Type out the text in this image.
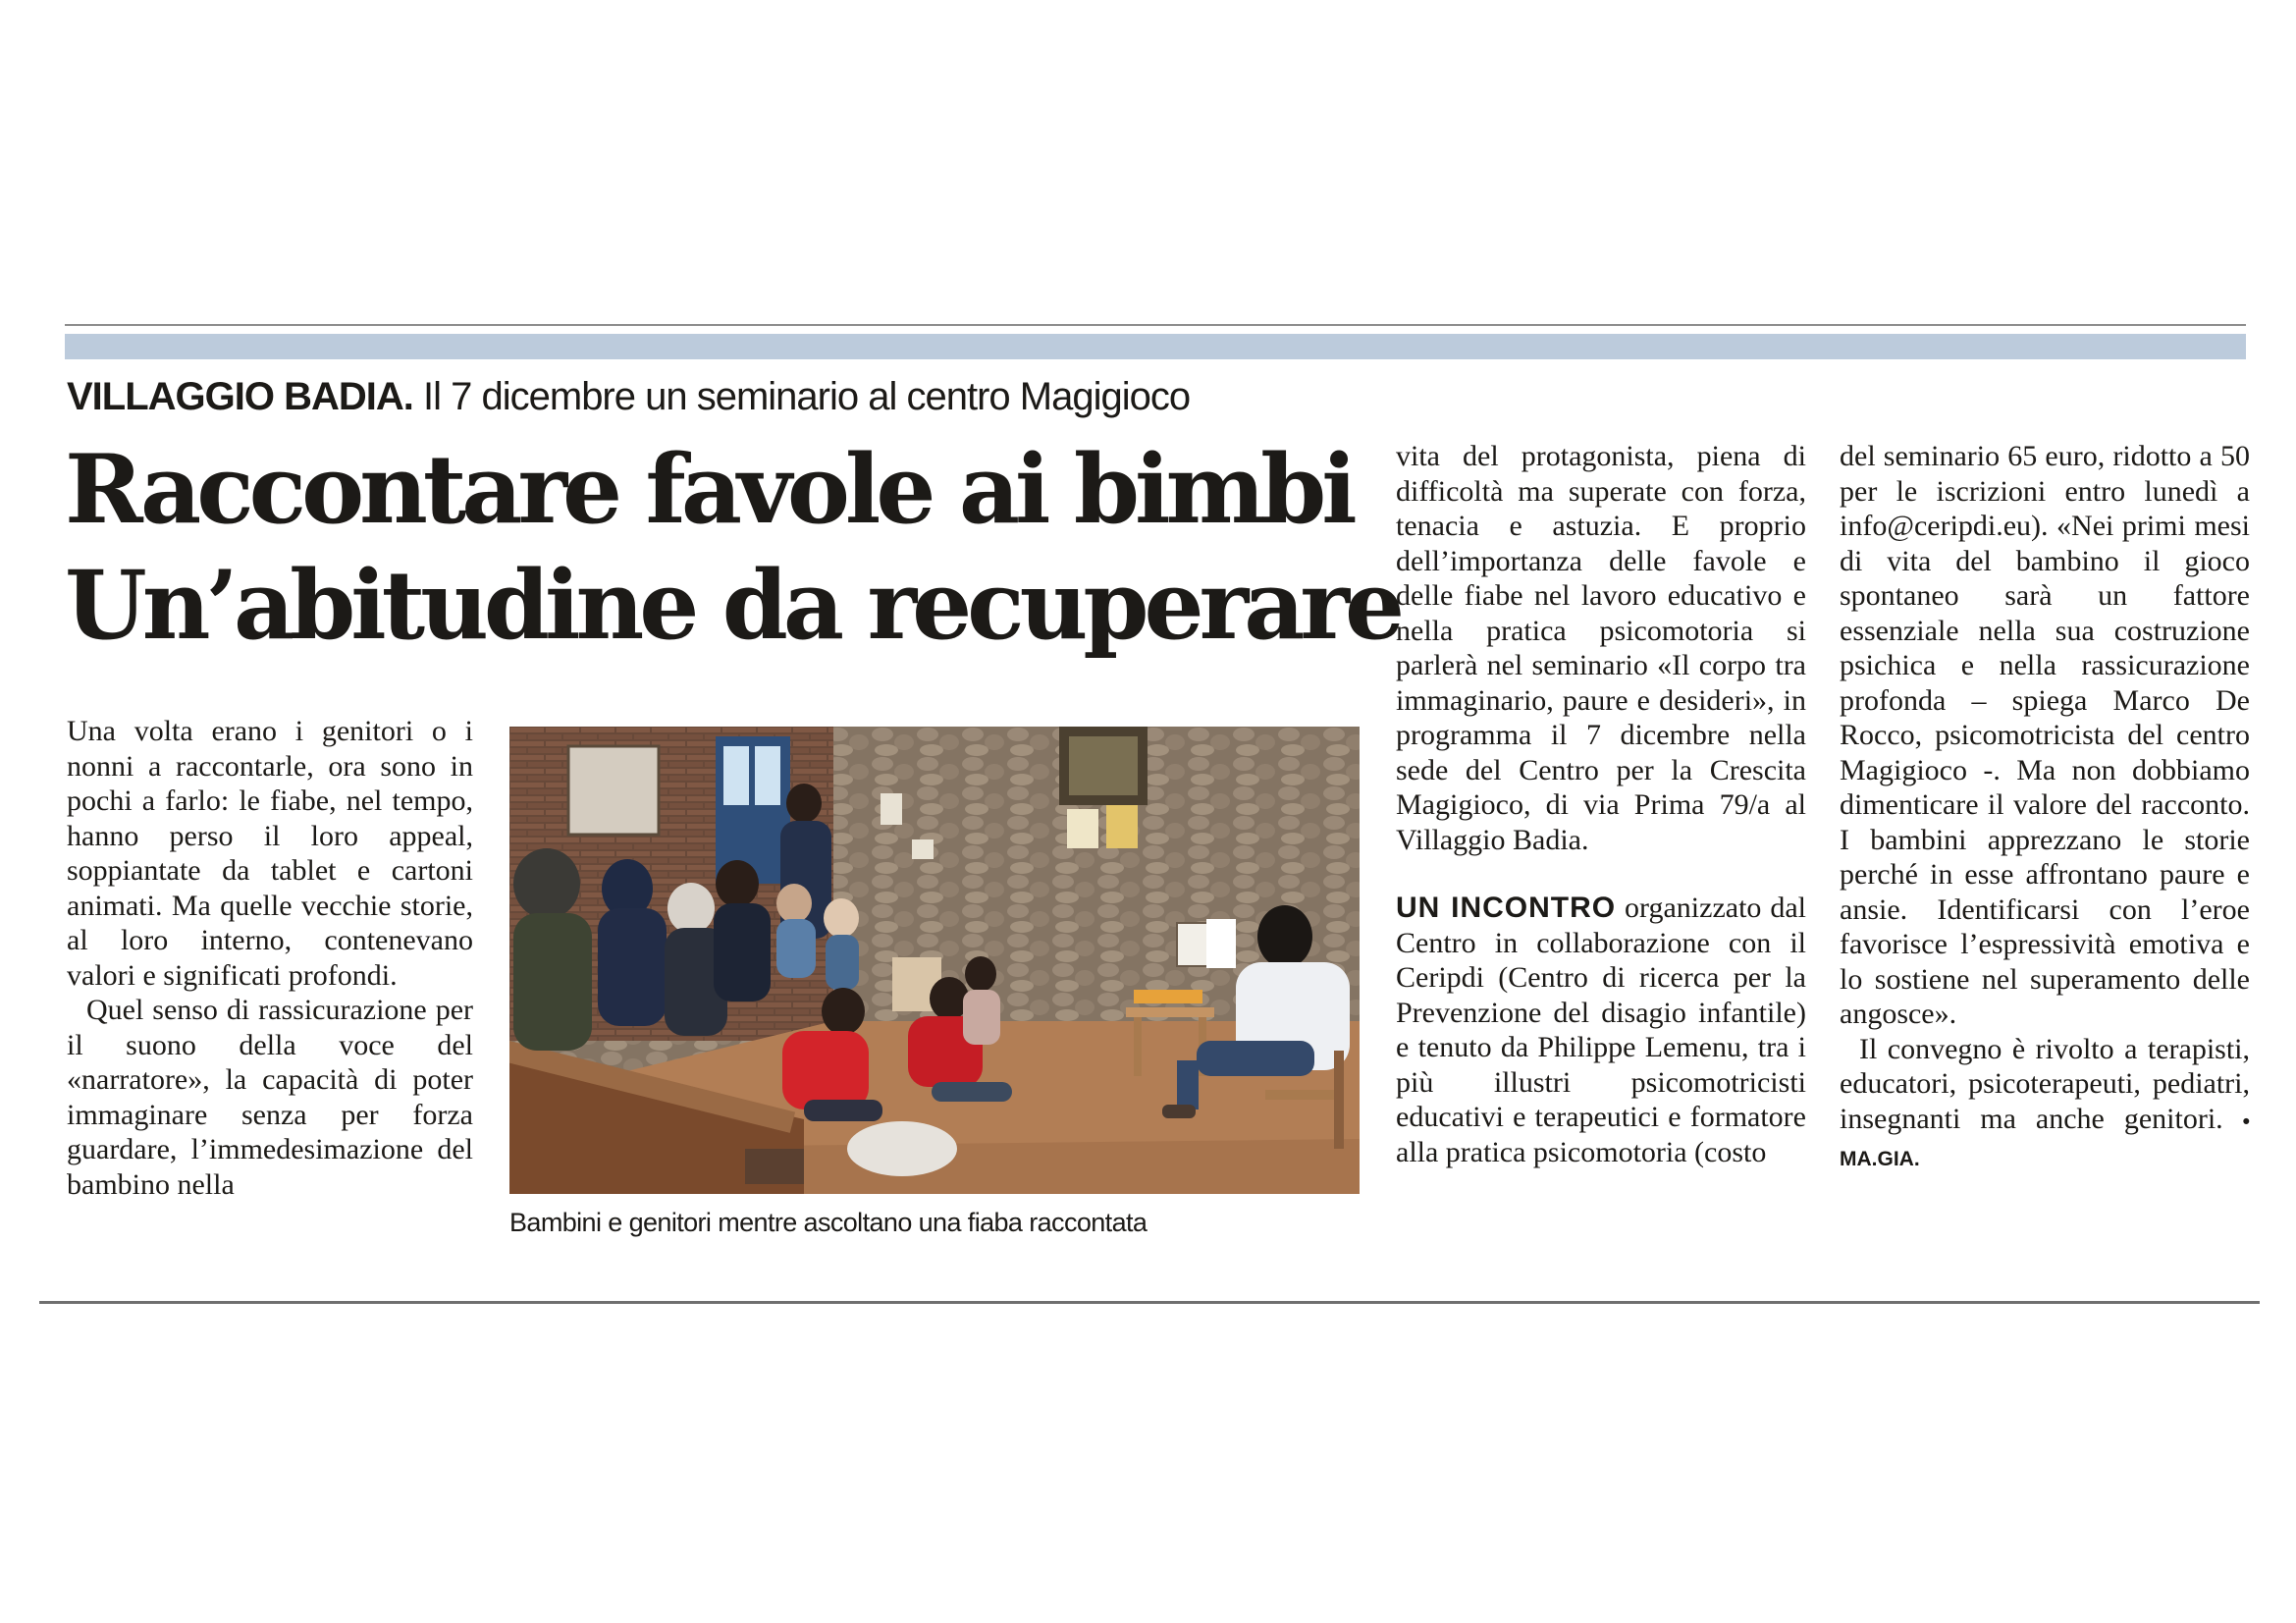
VILLAGGIO BADIA. Il 7 dicembre un seminario al centro Magigioco
Raccontare favole ai bimbi
Un’abitudine da recuperare

Una volta erano i genitori o i nonni a raccontarle, ora sono in pochi a farlo: le fiabe, nel tempo, hanno perso il loro appeal, soppiantate da tablet e cartoni animati. Ma quelle vecchie storie, al loro interno, contenevano valori e significati profondi.

Quel senso di rassicurazione per il suono della voce del «narratore», la capacità di poter immaginare senza per forza guardare, l’immedesimazione del bambino nella

Bambini e genitori mentre ascoltano una fiaba raccontata

vita del protagonista, piena di difficoltà ma superate con forza, tenacia e astuzia. E proprio dell’importanza delle favole e delle fiabe nel lavoro educativo e nella pratica psicomotoria si parlerà nel seminario «Il corpo tra immaginario, paure e desideri», in programma il 7 dicembre nella sede del Centro per la Crescita Magigioco, di via Prima 79/a al Villaggio Badia.

UN INCONTRO organizzato dal Centro in collaborazione con il Ceripdi (Centro di ricerca per la Prevenzione del disagio infantile) e tenuto da Philippe Lemenu, tra i più illustri psicomotricisti educativi e terapeutici e formatore alla pratica psicomotoria (costo

del seminario 65 euro, ridotto a 50 per le iscrizioni entro lunedì a info@ceripdi.eu). «Nei primi mesi di vita del bambino il gioco spontaneo sarà un fattore essenziale nella sua costruzione psichica e nella rassicurazione profonda – spiega Marco De Rocco, psicomotricista del centro Magigioco -. Ma non dobbiamo dimenticare il valore del racconto. I bambini apprezzano le storie perché in esse affrontano paure e ansie. Identificarsi con l’eroe favorisce l’espressività emotiva e lo sostiene nel superamento delle angosce».

Il convegno è rivolto a terapisti, educatori, psicoterapeuti, pediatri, insegnanti ma anche genitori. • MA.GIA.
